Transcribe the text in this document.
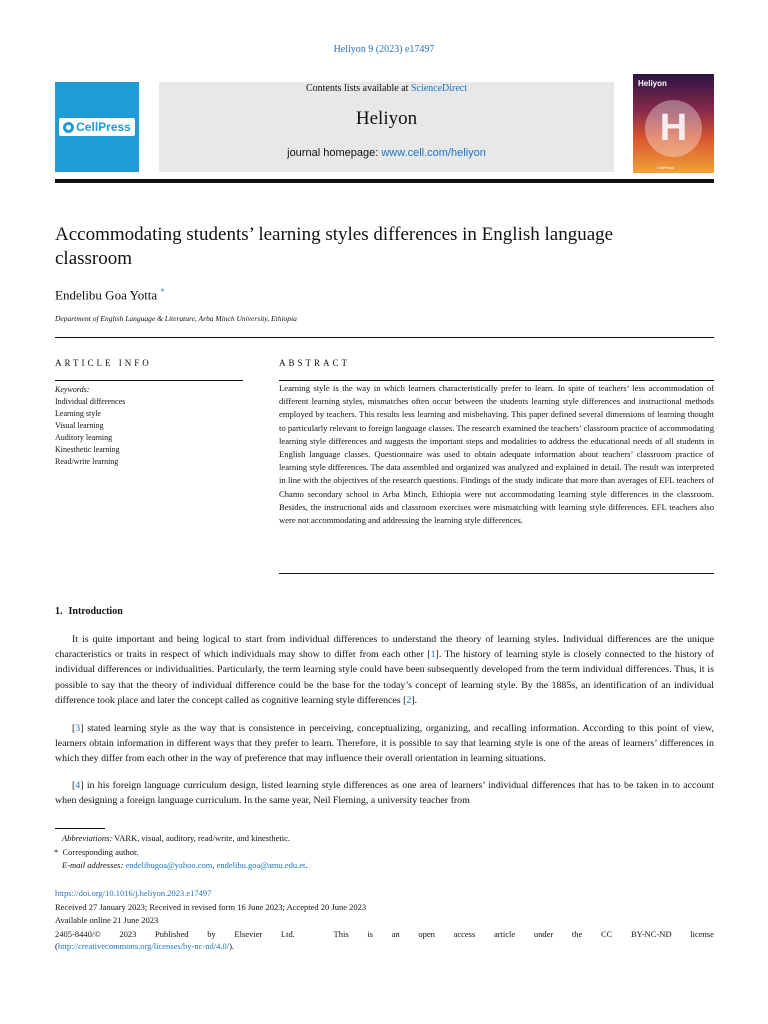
Heliyon 9 (2023) e17497
CellPress
Contents lists available at ScienceDirect
Heliyon
journal homepage: www.cell.com/heliyon
Heliyon
H
CellPress
Accommodating students’ learning styles differences in English language classroom
Endelibu Goa Yotta *
Department of English Language & Literature, Arba Minch University, Ethiopia
ARTICLE INFO	ABSTRACT
Keywords:
Individual differences
Learning style
Visual learning
Auditory learning
Kinesthetic learning
Read/write learning
Learning style is the way in which learners characteristically prefer to learn. In spite of teachers’ less accommodation of different learning styles, mismatches often occur between the students learning style differences and instructional methods employed by teachers. This results less learning and misbehaving. This paper defined several dimensions of learning thought to particularly relevant to foreign language classes. The research examined the teachers’ classroom practice of accommodating learning style differences and suggests the important steps and modalities to address the educational needs of all students in English language classes. Questionnaire was used to obtain adequate information about teachers’ classroom practice of learning style differences. The data assembled and organized was analyzed and explained in detail. The result was interpreted in line with the objectives of the research questions. Findings of the study indicate that more than averages of EFL teachers of Chamo secondary school in Arba Minch, Ethiopia were not accommodating learning style differences in the classroom. Besides, the instructional aids and classroom exercises were mismatching with learning style differences. EFL teachers also were not accommodating and addressing the learning style differences.
1. Introduction

It is quite important and being logical to start from individual differences to understand the theory of learning styles. Individual differences are the unique characteristics or traits in respect of which individuals may show to differ from each other [1]. The history of learning style is closely connected to the history of individual differences or individualities. Particularly, the term learning style could have been subsequently developed from the term individual differences. Thus, it is possible to say that the theory of individual difference could be the base for the today’s concept of learning style. By the 1885s, an identification of an individual difference took place and later the concept called as cognitive learning style differences [2].

[3] stated learning style as the way that is consistence in perceiving, conceptualizing, organizing, and recalling information. According to this point of view, learners obtain information in different ways that they prefer to learn. Therefore, it is possible to say that learning style is one of the areas of learners’ differences in which they differ from each other in the way of preference that may influence their overall orientation in learning situations.

[4] in his foreign language curriculum design, listed learning style differences as one area of learners’ individual differences that has to be taken in to account when designing a foreign language curriculum. In the same year, Neil Fleming, a university teacher from

Abbreviations: VARK, visual, auditory, read/write, and kinesthetic.
* Corresponding author.
E-mail addresses: endelibugoa@yahoo.com, endelibu.goa@amu.edu.et.
https://doi.org/10.1016/j.heliyon.2023.e17497
Received 27 January 2023; Received in revised form 16 June 2023; Accepted 20 June 2023
Available online 21 June 2023
2405-8440/© 2023 Published by Elsevier Ltd.	This is an open access article under the CC BY-NC-ND license
(http://creativecommons.org/licenses/by-nc-nd/4.0/).
